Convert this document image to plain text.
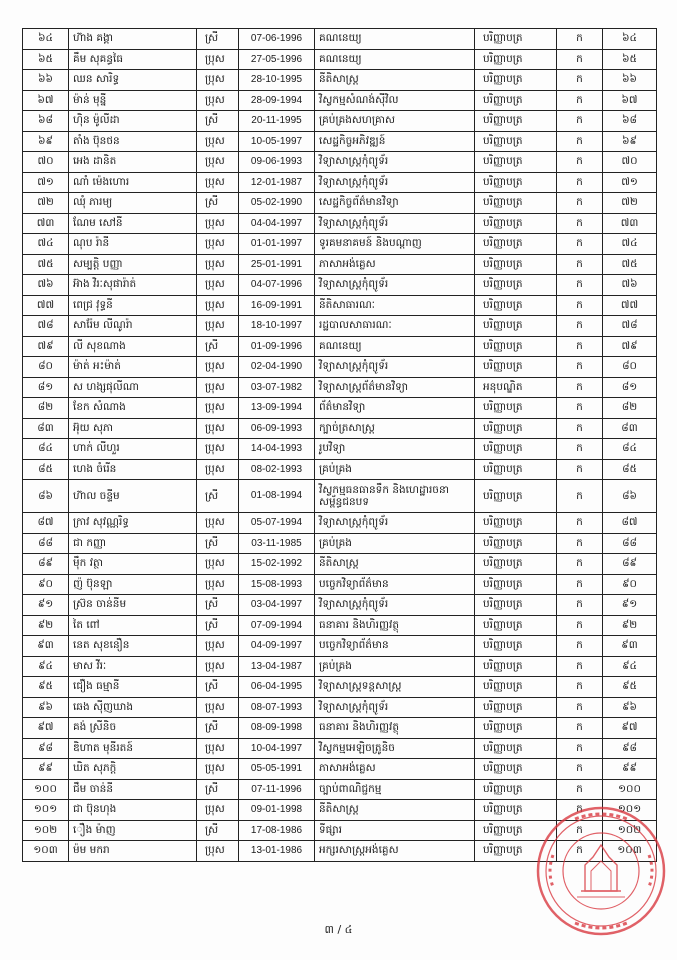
៦៤	ហ៊ាង គង្គា	ស្រី	07-06-1996	គណនេយ្យ	បរិញ្ញាបត្រ	ក	៦៤
៦៥	គឹម សុគន្ធធៃ	ប្រុស	27-05-1996	គណនេយ្យ	បរិញ្ញាបត្រ	ក	៦៥
៦៦	ឈន សារិទ្ធ	ប្រុស	28-10-1995	នីតិសាស្ត្រ	បរិញ្ញាបត្រ	ក	៦៦
៦៧	ម៉ាន់ មុន្នី	ប្រុស	28-09-1994	វិស្វកម្មសំណង់ស៊ីវិល	បរិញ្ញាបត្រ	ក	៦៧
៦៨	ហ៊ិន ម៉ូលីដា	ស្រី	20-11-1995	គ្រប់គ្រងសហគ្រាស	បរិញ្ញាបត្រ	ក	៦៨
៦៩	តាំង ប៊ុនថន	ប្រុស	10-05-1997	សេដ្ឋកិច្ចអភិវឌ្ឍន៍	បរិញ្ញាបត្រ	ក	៦៩
៧០	អេង ដានិត	ប្រុស	09-06-1993	វិទ្យាសាស្ត្រកុំព្យូទ័រ	បរិញ្ញាបត្រ	ក	៧០
៧១	ណាំ ម៉េងហោរ	ប្រុស	12-01-1987	វិទ្យាសាស្ត្រកុំព្យូទ័រ	បរិញ្ញាបត្រ	ក	៧១
៧២	ឈុំ ភារម្យ	ស្រី	05-02-1990	សេដ្ឋកិច្ចព័ត៌មានវិទ្យា	បរិញ្ញាបត្រ	ក	៧២
៧៣	ណែម សៅនី	ប្រុស	04-04-1997	វិទ្យាសាស្ត្រកុំព្យូទ័រ	បរិញ្ញាបត្រ	ក	៧៣
៧៤	ណុប រ៉ានី	ប្រុស	01-01-1997	ទូរគមនាគមន៍ និងបណ្តាញ	បរិញ្ញាបត្រ	ក	៧៤
៧៥	សម្បត្តិ បញ្ញា	ប្រុស	25-01-1991	ភាសាអង់គ្លេស	បរិញ្ញាបត្រ	ក	៧៥
៧៦	អ៊ាង វិរៈសុផារ៉ាត់	ប្រុស	04-07-1996	វិទ្យាសាស្ត្រកុំព្យូទ័រ	បរិញ្ញាបត្រ	ក	៧៦
៧៧	ពេជ្រ វុទ្ធនី	ប្រុស	16-09-1991	នីតិសាធារណៈ	បរិញ្ញាបត្រ	ក	៧៧
៧៨	សារ៉ែម លីណូរ៉ា	ប្រុស	18-10-1997	រដ្ឋបាលសាធារណៈ	បរិញ្ញាបត្រ	ក	៧៨
៧៩	លី សុខណាង	ស្រី	01-09-1996	គណនេយ្យ	បរិញ្ញាបត្រ	ក	៧៩
៨០	ម៉ាត់ អះម៉ាត់	ប្រុស	02-04-1990	វិទ្យាសាស្ត្រកុំព្យូទ័រ	បរិញ្ញាបត្រ	ក	៨០
៨១	ស ហង្សផុលីណា	ប្រុស	03-07-1982	វិទ្យាសាស្ត្រព័ត៌មានវិទ្យា	អនុបណ្ឌិត	ក	៨១
៨២	ខែក សំណាង	ប្រុស	13-09-1994	ព័ត៌មានវិទ្យា	បរិញ្ញាបត្រ	ក	៨២
៨៣	អ៊ុយ សុភា	ប្រុស	06-09-1993	ក្បាច់ត្រសាស្ត្រ	បរិញ្ញាបត្រ	ក	៨៣
៨៤	ហាក់ លីហួរ	ប្រុស	14-04-1993	រូបវិទ្យា	បរិញ្ញាបត្រ	ក	៨៤
៨៥	ហេង ចំរើន	ប្រុស	08-02-1993	គ្រប់គ្រង	បរិញ្ញាបត្រ	ក	៨៥
៨៦	ហ៊ាល ចន្ទីម	ស្រី	01-08-1994	វិស្វកម្មធនធានទឹក និងហេដ្ឋារចនាសម្ព័ន្ធជនបទ	បរិញ្ញាបត្រ	ក	៨៦
៨៧	ក្រាវ សុវណ្ណរិទ្ធ	ប្រុស	05-07-1994	វិទ្យាសាស្ត្រកុំព្យូទ័រ	បរិញ្ញាបត្រ	ក	៨៧
៨៨	ជា កញ្ញា	ស្រី	03-11-1985	គ្រប់គ្រង	បរិញ្ញាបត្រ	ក	៨៨
៨៩	ម៉ឹក វត្ថា	ប្រុស	15-02-1992	នីតិសាស្ត្រ	បរិញ្ញាបត្រ	ក	៨៩
៩០	ញ៉ ប៊ុនឡា	ប្រុស	15-08-1993	បច្ចេកវិទ្យាព័ត៌មាន	បរិញ្ញាបត្រ	ក	៩០
៩១	ស្រ៊ន ចាន់នីម	ស្រី	03-04-1997	វិទ្យាសាស្ត្រកុំព្យូទ័រ	បរិញ្ញាបត្រ	ក	៩១
៩២	តៃ ពៅ	ស្រី	07-09-1994	ធនាគារ និងហិរញ្ញវត្ថុ	បរិញ្ញាបត្រ	ក	៩២
៩៣	នេត សុខនឿន	ប្រុស	04-09-1997	បច្ចេកវិទ្យាព័ត៌មាន	បរិញ្ញាបត្រ	ក	៩៣
៩៤	មាស វីរៈ	ប្រុស	13-04-1987	គ្រប់គ្រង	បរិញ្ញាបត្រ	ក	៩៤
៩៥	ជឿង ធម្មានី	ស្រី	06-04-1995	វិទ្យាសាស្ត្រទន្តសាស្ត្រ	បរិញ្ញាបត្រ	ក	៩៥
៩៦	ឆេង ស៊ីញឃាង	ប្រុស	08-07-1993	វិទ្យាសាស្ត្រកុំព្យូទ័រ	បរិញ្ញាបត្រ	ក	៩៦
៩៧	គង់ ស្រីនិច	ស្រី	08-09-1998	ធនាគារ និងហិរញ្ញវត្ថុ	បរិញ្ញាបត្រ	ក	៩៧
៩៨	ឌិហាត មុនីរតន៍	ប្រុស	10-04-1997	វិស្វកម្មអេឡិចត្រូនិច	បរិញ្ញាបត្រ	ក	៩៨
៩៩	ឃិត សុភក្តិ	ប្រុស	05-05-1991	ភាសាអង់គ្លេស	បរិញ្ញាបត្រ	ក	៩៩
១០០	ជឹម ចាន់នី	ស្រី	07-11-1996	ច្បាប់ពាណិជ្ជកម្ម	បរិញ្ញាបត្រ	ក	១០០
១០១	ជា ប៊ុនហុង	ប្រុស	09-01-1998	នីតិសាស្ត្រ	បរិញ្ញាបត្រ	ក	១០១
១០២	ឿង ម៉ាញ	ស្រី	17-08-1986	ទីផ្សារ	បរិញ្ញាបត្រ	ក	១០២
១០៣	ម៉ម មករា	ប្រុស	13-01-1986	អក្សរសាស្ត្រអង់គ្លេស	បរិញ្ញាបត្រ	ក	១០៣
៣ / ៤
